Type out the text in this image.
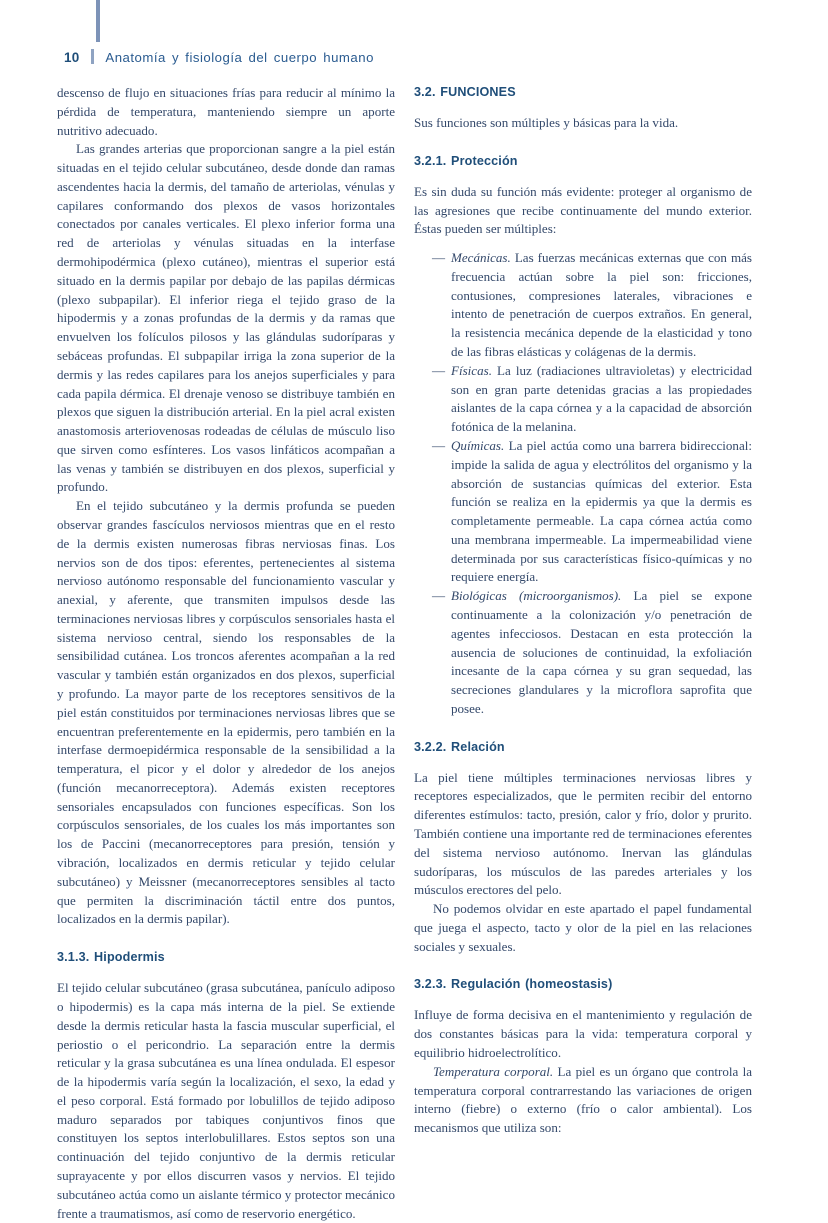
10 Anatomía y fisiología del cuerpo humano

descenso de flujo en situaciones frías para reducir al mínimo la pérdida de temperatura, manteniendo siempre un aporte nutritivo adecuado.

Las grandes arterias que proporcionan sangre a la piel están situadas en el tejido celular subcutáneo, desde donde dan ramas ascendentes hacia la dermis, del tamaño de arteriolas, vénulas y capilares conformando dos plexos de vasos horizontales conectados por canales verticales. El plexo inferior forma una red de arteriolas y vénulas situadas en la interfase dermohipodérmica (plexo cutáneo), mientras el superior está situado en la dermis papilar por debajo de las papilas dérmicas (plexo subpapilar). El inferior riega el tejido graso de la hipodermis y a zonas profundas de la dermis y da ramas que envuelven los folículos pilosos y las glándulas sudoríparas y sebáceas profundas. El subpapilar irriga la zona superior de la dermis y las redes capilares para los anejos superficiales y para cada papila dérmica. El drenaje venoso se distribuye también en plexos que siguen la distribución arterial. En la piel acral existen anastomosis arteriovenosas rodeadas de células de músculo liso que sirven como esfínteres. Los vasos linfáticos acompañan a las venas y también se distribuyen en dos plexos, superficial y profundo.

En el tejido subcutáneo y la dermis profunda se pueden observar grandes fascículos nerviosos mientras que en el resto de la dermis existen numerosas fibras nerviosas finas. Los nervios son de dos tipos: eferentes, pertenecientes al sistema nervioso autónomo responsable del funcionamiento vascular y anexial, y aferente, que transmiten impulsos desde las terminaciones nerviosas libres y corpúsculos sensoriales hasta el sistema nervioso central, siendo los responsables de la sensibilidad cutánea. Los troncos aferentes acompañan a la red vascular y también están organizados en dos plexos, superficial y profundo. La mayor parte de los receptores sensitivos de la piel están constituidos por terminaciones nerviosas libres que se encuentran preferentemente en la epidermis, pero también en la interfase dermoepidérmica responsable de la sensibilidad a la temperatura, el picor y el dolor y alrededor de los anejos (función mecanorreceptora). Además existen receptores sensoriales encapsulados con funciones específicas. Son los corpúsculos sensoriales, de los cuales los más importantes son los de Paccini (mecanorreceptores para presión, tensión y vibración, localizados en dermis reticular y tejido celular subcutáneo) y Meissner (mecanorreceptores sensibles al tacto que permiten la discriminación táctil entre dos puntos, localizados en la dermis papilar).

3.1.3. Hipodermis

El tejido celular subcutáneo (grasa subcutánea, panículo adiposo o hipodermis) es la capa más interna de la piel. Se extiende desde la dermis reticular hasta la fascia muscular superficial, el periostio o el pericondrio. La separación entre la dermis reticular y la grasa subcutánea es una línea ondulada. El espesor de la hipodermis varía según la localización, el sexo, la edad y el peso corporal. Está formado por lobulillos de tejido adiposo maduro separados por tabiques conjuntivos finos que constituyen los septos interlobulillares. Estos septos son una continuación del tejido conjuntivo de la dermis reticular suprayacente y por ellos discurren vasos y nervios. El tejido subcutáneo actúa como un aislante térmico y protector mecánico frente a traumatismos, así como de reservorio energético.

3.2. FUNCIONES

Sus funciones son múltiples y básicas para la vida.

3.2.1. Protección

Es sin duda su función más evidente: proteger al organismo de las agresiones que recibe continuamente del mundo exterior. Éstas pueden ser múltiples:

— Mecánicas. Las fuerzas mecánicas externas que con más frecuencia actúan sobre la piel son: fricciones, contusiones, compresiones laterales, vibraciones e intento de penetración de cuerpos extraños. En general, la resistencia mecánica depende de la elasticidad y tono de las fibras elásticas y colágenas de la dermis.
— Físicas. La luz (radiaciones ultravioletas) y electricidad son en gran parte detenidas gracias a las propiedades aislantes de la capa córnea y a la capacidad de absorción fotónica de la melanina.
— Químicas. La piel actúa como una barrera bidireccional: impide la salida de agua y electrólitos del organismo y la absorción de sustancias químicas del exterior. Esta función se realiza en la epidermis ya que la dermis es completamente permeable. La capa córnea actúa como una membrana impermeable. La impermeabilidad viene determinada por sus características físico-químicas y no requiere energía.
— Biológicas (microorganismos). La piel se expone continuamente a la colonización y/o penetración de agentes infecciosos. Destacan en esta protección la ausencia de soluciones de continuidad, la exfoliación incesante de la capa córnea y su gran sequedad, las secreciones glandulares y la microflora saprofita que posee.
3.2.2. Relación

La piel tiene múltiples terminaciones nerviosas libres y receptores especializados, que le permiten recibir del entorno diferentes estímulos: tacto, presión, calor y frío, dolor y prurito. También contiene una importante red de terminaciones eferentes del sistema nervioso autónomo. Inervan las glándulas sudoríparas, los músculos de las paredes arteriales y los músculos erectores del pelo.

No podemos olvidar en este apartado el papel fundamental que juega el aspecto, tacto y olor de la piel en las relaciones sociales y sexuales.

3.2.3. Regulación (homeostasis)

Influye de forma decisiva en el mantenimiento y regulación de dos constantes básicas para la vida: temperatura corporal y equilibrio hidroelectrolítico.

Temperatura corporal. La piel es un órgano que controla la temperatura corporal contrarrestando las variaciones de origen interno (fiebre) o externo (frío o calor ambiental). Los mecanismos que utiliza son:
